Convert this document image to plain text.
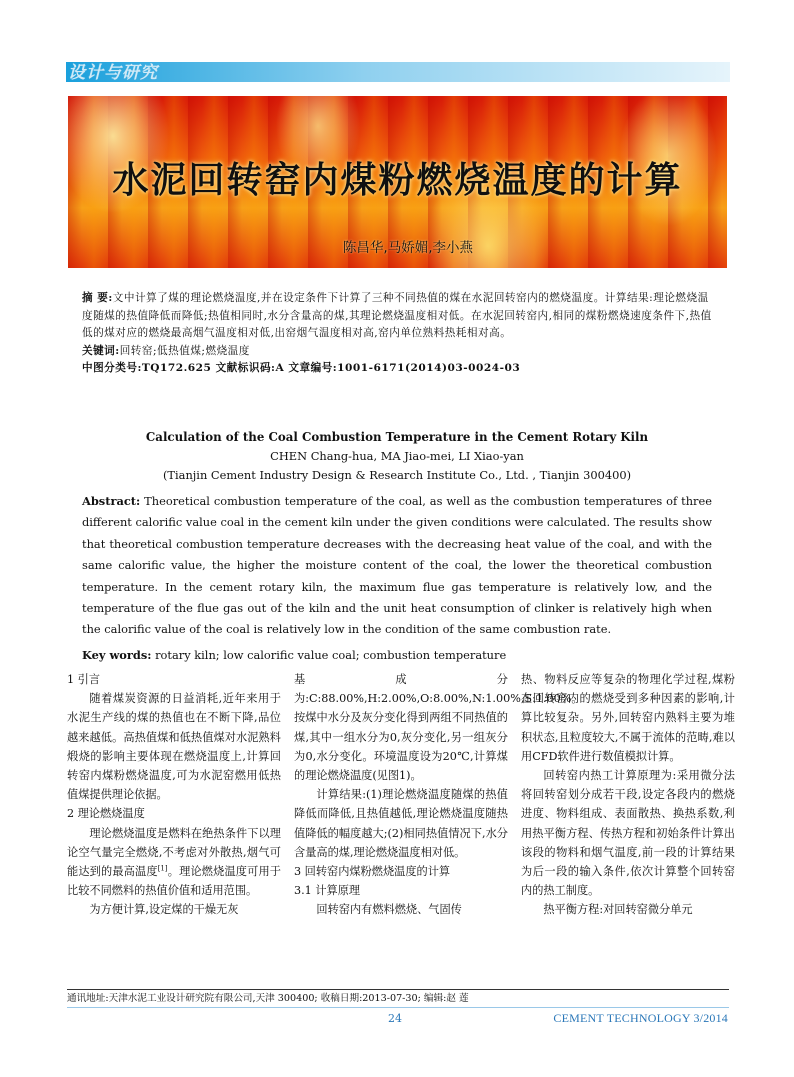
设计与研究
水泥回转窑内煤粉燃烧温度的计算
陈昌华,马娇媚,李小燕

摘 要:文中计算了煤的理论燃烧温度,并在设定条件下计算了三种不同热值的煤在水泥回转窑内的燃烧温度。计算结果:理论燃烧温度随煤的热值降低而降低;热值相同时,水分含量高的煤,其理论燃烧温度相对低。在水泥回转窑内,相同的煤粉燃烧速度条件下,热值低的煤对应的燃烧最高烟气温度相对低,出窑烟气温度相对高,窑内单位熟料热耗相对高。

关键词:回转窑;低热值煤;燃烧温度

中图分类号:TQ172.625 文献标识码:A 文章编号:1001-6171(2014)03-0024-03

Calculation of the Coal Combustion Temperature in the Cement Rotary Kiln

CHEN Chang-hua, MA Jiao-mei, LI Xiao-yan

(Tianjin Cement Industry Design & Research Institute Co., Ltd. , Tianjin 300400)

Abstract: Theoretical combustion temperature of the coal, as well as the combustion temperatures of three different calorific value coal in the cement kiln under the given conditions were calculated. The results show that theoretical combustion temperature decreases with the decreasing heat value of the coal, and with the same calorific value, the higher the moisture content of the coal, the lower the theoretical combustion temperature. In the cement rotary kiln, the maximum flue gas temperature is relatively low, and the temperature of the flue gas out of the kiln and the unit heat consumption of clinker is relatively high when the calorific value of the coal is relatively low in the condition of the same combustion rate.

Key words: rotary kiln; low calorific value coal; combustion temperature

1 引言

随着煤炭资源的日益消耗,近年来用于水泥生产线的煤的热值也在不断下降,品位越来越低。高热值煤和低热值煤对水泥熟料煅烧的影响主要体现在燃烧温度上,计算回转窑内煤粉燃烧温度,可为水泥窑燃用低热值煤提供理论依据。

2 理论燃烧温度

理论燃烧温度是燃料在绝热条件下以理论空气量完全燃烧,不考虑对外散热,烟气可能达到的最高温度[1]。理论燃烧温度可用于比较不同燃料的热值价值和适用范围。

为方便计算,设定煤的干燥无灰

基成分为:C:88.00%,H:2.00%,O:8.00%,N:1.00%,S:1.00%。按煤中水分及灰分变化得到两组不同热值的煤,其中一组水分为0,灰分变化,另一组灰分为0,水分变化。环境温度设为20℃,计算煤的理论燃烧温度(见图1)。

计算结果:(1)理论燃烧温度随煤的热值降低而降低,且热值越低,理论燃烧温度随热值降低的幅度越大;(2)相同热值情况下,水分含量高的煤,理论燃烧温度相对低。

3 回转窑内煤粉燃烧温度的计算

3.1 计算原理

回转窑内有燃料燃烧、气固传

热、物料反应等复杂的物理化学过程,煤粉在回转窑内的燃烧受到多种因素的影响,计算比较复杂。另外,回转窑内熟料主要为堆积状态,且粒度较大,不属于流体的范畴,难以用CFD软件进行数值模拟计算。

回转窑内热工计算原理为:采用微分法将回转窑划分成若干段,设定各段内的燃烧进度、物料组成、表面散热、换热系数,利用热平衡方程、传热方程和初始条件计算出该段的物料和烟气温度,前一段的计算结果为后一段的输入条件,依次计算整个回转窑内的热工制度。

热平衡方程:对回转窑微分单元

通讯地址:天津水泥工业设计研究院有限公司,天津 300400; 收稿日期:2013-07-30; 编辑:赵 莲
24	CEMENT TECHNOLOGY 3/2014
